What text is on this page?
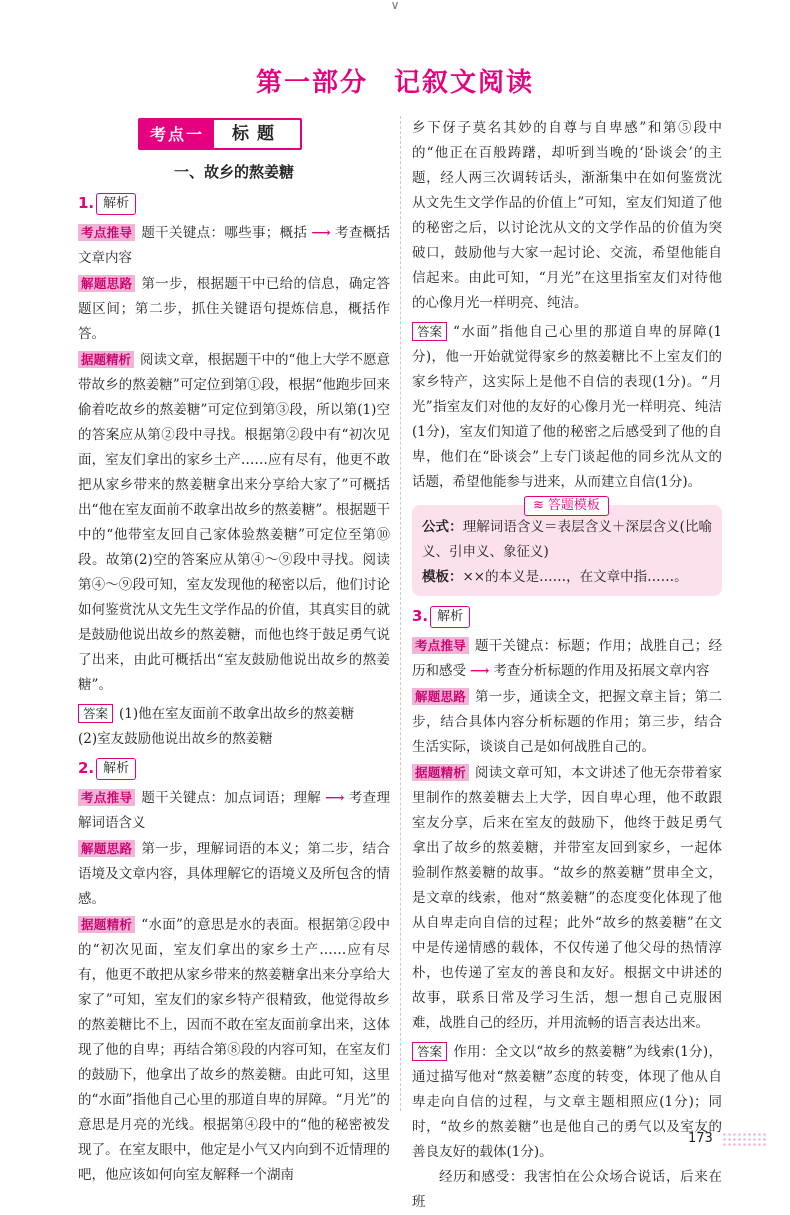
∨
第一部分 记叙文阅读
考点一	标题
一、故乡的熬姜糖
1. 解析

考点推导 题干关键点：哪些事；概括 ⟶ 考查概括文章内容

解题思路 第一步，根据题干中已给的信息，确定答题区间；第二步，抓住关键语句提炼信息，概括作答。

据题精析 阅读文章，根据题干中的“他上大学不愿意带故乡的熬姜糖”可定位到第①段，根据“他跑步回来偷着吃故乡的熬姜糖”可定位到第③段，所以第(1)空的答案应从第②段中寻找。根据第②段中有“初次见面，室友们拿出的家乡土产……应有尽有，他更不敢把从家乡带来的熬姜糖拿出来分享给大家了”可概括出“他在室友面前不敢拿出故乡的熬姜糖”。根据题干中的“他带室友回自己家体验熬姜糖”可定位至第⑩段。故第(2)空的答案应从第④～⑨段中寻找。阅读第④～⑨段可知，室友发现他的秘密以后，他们讨论如何鉴赏沈从文先生文学作品的价值，其真实目的就是鼓励他说出故乡的熬姜糖，而他也终于鼓足勇气说了出来，由此可概括出“室友鼓励他说出故乡的熬姜糖”。

答案 (1)他在室友面前不敢拿出故乡的熬姜糖

(2)室友鼓励他说出故乡的熬姜糖

2. 解析

考点推导 题干关键点：加点词语；理解 ⟶ 考查理解词语含义

解题思路 第一步，理解词语的本义；第二步，结合语境及文章内容，具体理解它的语境义及所包含的情感。

据题精析 “水面”的意思是水的表面。根据第②段中的“初次见面，室友们拿出的家乡土产……应有尽有，他更不敢把从家乡带来的熬姜糖拿出来分享给大家了”可知，室友们的家乡特产很精致，他觉得故乡的熬姜糖比不上，因而不敢在室友面前拿出来，这体现了他的自卑；再结合第⑧段的内容可知，在室友们的鼓励下，他拿出了故乡的熬姜糖。由此可知，这里的“水面”指他自己心里的那道自卑的屏障。“月光”的意思是月亮的光线。根据第④段中的“他的秘密被发现了。在室友眼中，他定是小气又内向到不近情理的吧，他应该如何向室友解释一个湖南

乡下伢子莫名其妙的自尊与自卑感”和第⑤段中的“他正在百般踌躇，却听到当晚的‘卧谈会’的主题，经人两三次调转话头，渐渐集中在如何鉴赏沈从文先生文学作品的价值上”可知，室友们知道了他的秘密之后，以讨论沈从文的文学作品的价值为突破口，鼓励他与大家一起讨论、交流，希望他能自信起来。由此可知，“月光”在这里指室友们对待他的心像月光一样明亮、纯洁。

答案 “水面”指他自己心里的那道自卑的屏障(1分)，他一开始就觉得家乡的熬姜糖比不上室友们的家乡特产，这实际上是他不自信的表现(1分)。“月光”指室友们对他的友好的心像月光一样明亮、纯洁(1分)，室友们知道了他的秘密之后感受到了他的自卑，他们在“卧谈会”上专门谈起他的同乡沈从文的话题，希望他能参与进来，从而建立自信(1分)。

≋ 答题模板

公式：理解词语含义＝表层含义＋深层含义(比喻义、引申义、象征义)

模板：××的本义是……，在文章中指……。

3. 解析

考点推导 题干关键点：标题；作用；战胜自己；经历和感受 ⟶ 考查分析标题的作用及拓展文章内容

解题思路 第一步，通读全文，把握文章主旨；第二步，结合具体内容分析标题的作用；第三步，结合生活实际，谈谈自己是如何战胜自己的。

据题精析 阅读文章可知，本文讲述了他无奈带着家里制作的熬姜糖去上大学，因自卑心理，他不敢跟室友分享，后来在室友的鼓励下，他终于鼓足勇气拿出了故乡的熬姜糖，并带室友回到家乡，一起体验制作熬姜糖的故事。“故乡的熬姜糖”贯串全文，是文章的线索，他对“熬姜糖”的态度变化体现了他从自卑走向自信的过程；此外“故乡的熬姜糖”在文中是传递情感的载体，不仅传递了他父母的热情淳朴，也传递了室友的善良和友好。根据文中讲述的故事，联系日常及学习生活，想一想自己克服困难，战胜自己的经历，并用流畅的语言表达出来。

答案 作用：全文以“故乡的熬姜糖”为线索(1分)，通过描写他对“熬姜糖”态度的转变，体现了他从自卑走向自信的过程，与文章主题相照应(1分)；同时，“故乡的熬姜糖”也是他自己的勇气以及室友的善良友好的载体(1分)。

经历和感受：我害怕在公众场合说话，后来在班

173
